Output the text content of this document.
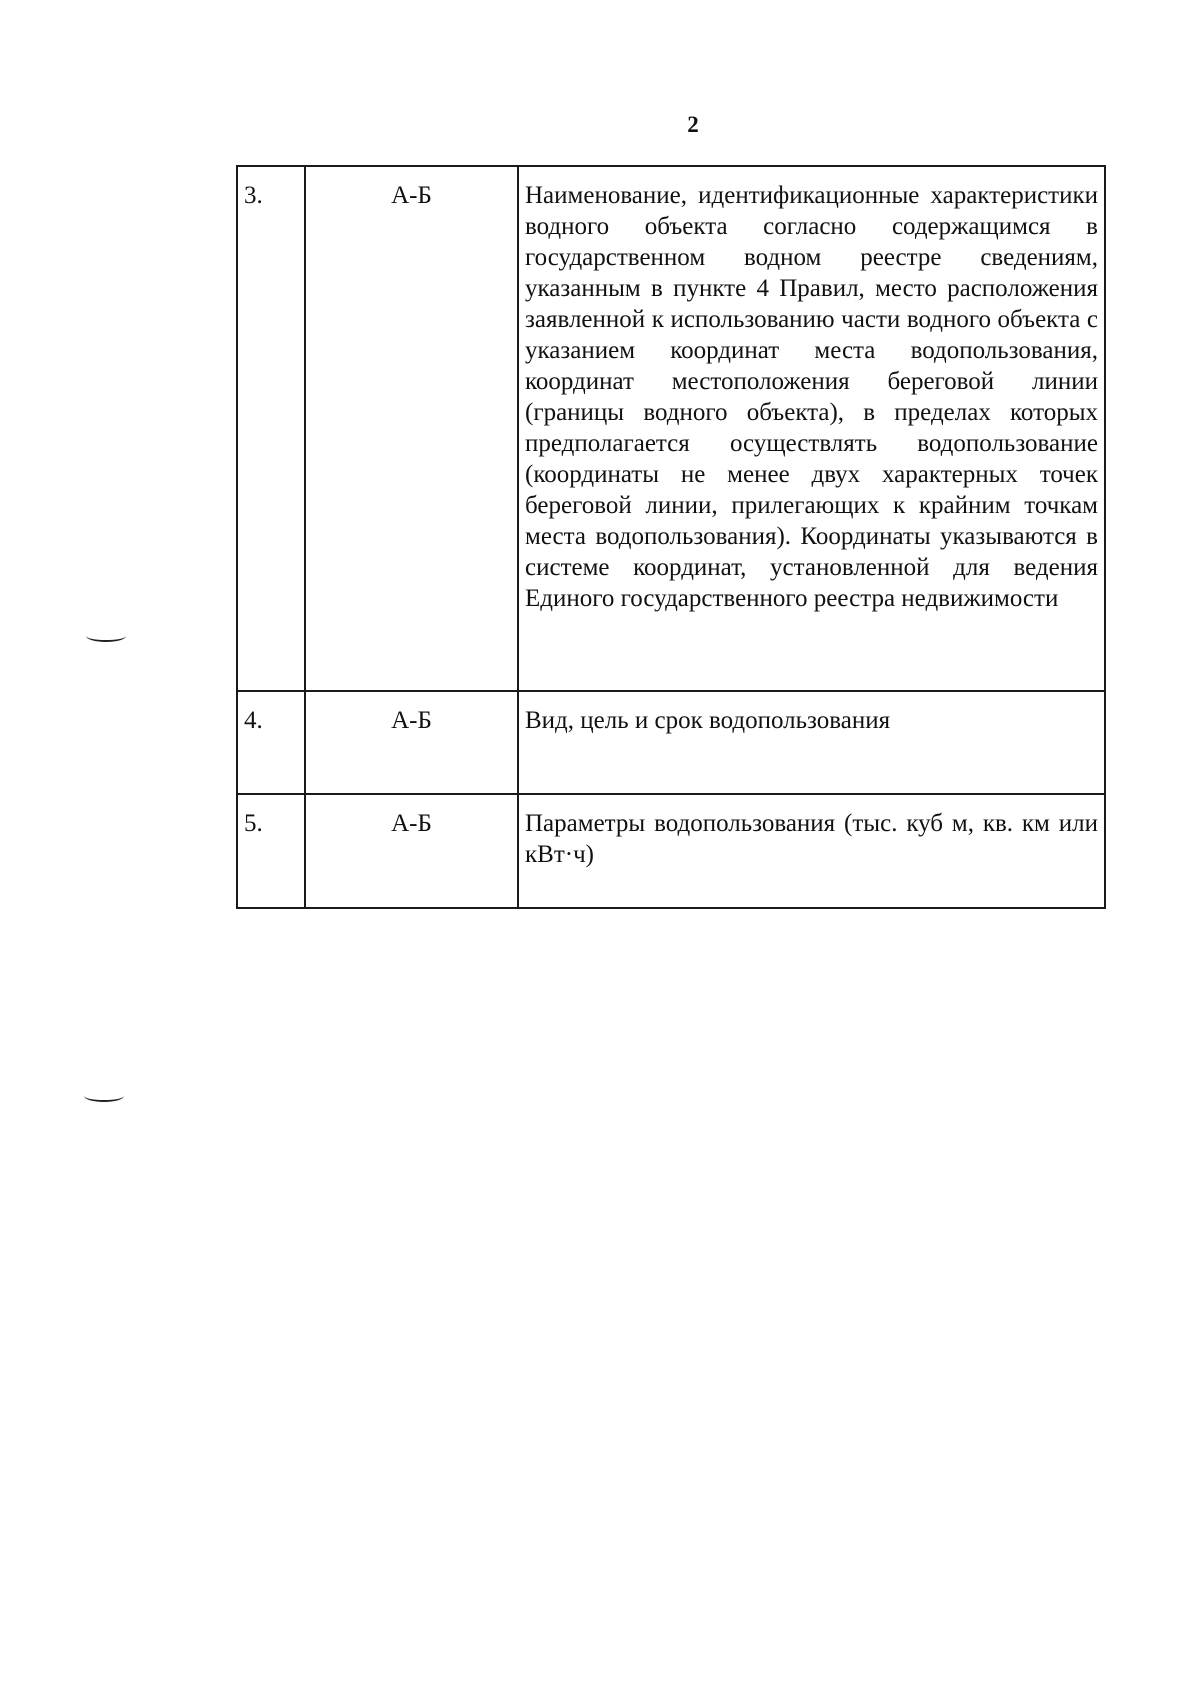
2
3.	А-Б	Наименование, идентификационные характеристики водного объекта согласно содержащимся в государственном водном реестре сведениям, указанным в пункте 4 Правил, место расположения заявленной к использованию части водного объекта с указанием координат места водопользования, координат местоположения береговой линии (границы водного объекта), в пределах которых предполагается осуществлять водопользование (координаты не менее двух характерных точек береговой линии, прилегающих к крайним точкам места водопользования). Координаты указываются в системе координат, установленной для ведения Единого государственного реестра недвижимости
4.	А-Б	Вид, цель и срок водопользования
5.	А-Б	Параметры водопользования (тыс. куб м, кв. км или кВт·ч)
